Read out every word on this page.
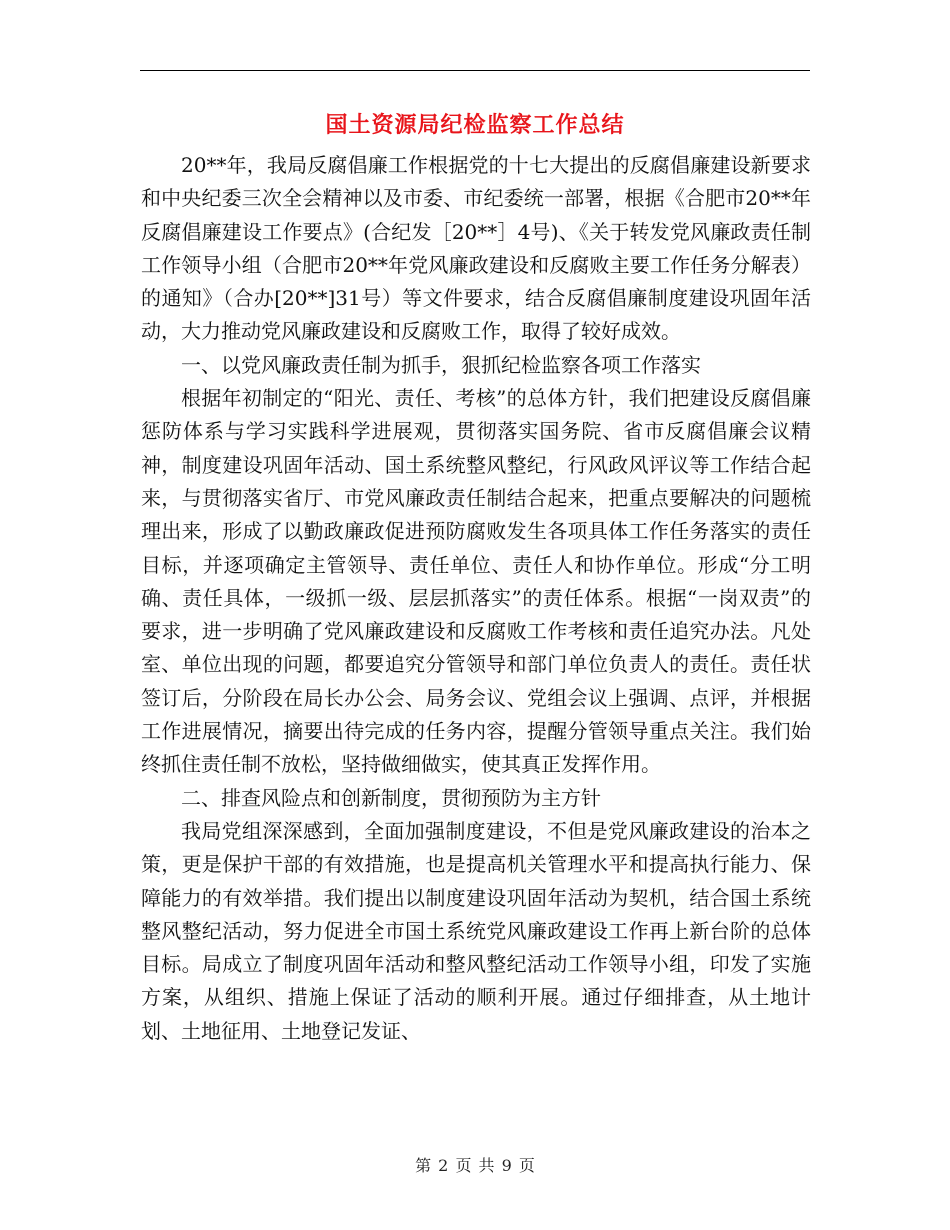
国土资源局纪检监察工作总结

20**年，我局反腐倡廉工作根据党的十七大提出的反腐倡廉建设新要求和中央纪委三次全会精神以及市委、市纪委统一部署，根据《合肥市20**年反腐倡廉建设工作要点》(合纪发［20**］4号)、《关于转发党风廉政责任制工作领导小组（合肥市20**年党风廉政建设和反腐败主要工作任务分解表）的通知》（合办[20**]31号）等文件要求，结合反腐倡廉制度建设巩固年活动，大力推动党风廉政建设和反腐败工作，取得了较好成效。

一、以党风廉政责任制为抓手，狠抓纪检监察各项工作落实

根据年初制定的“阳光、责任、考核”的总体方针，我们把建设反腐倡廉惩防体系与学习实践科学进展观，贯彻落实国务院、省市反腐倡廉会议精神，制度建设巩固年活动、国土系统整风整纪，行风政风评议等工作结合起来，与贯彻落实省厅、市党风廉政责任制结合起来，把重点要解决的问题梳理出来，形成了以勤政廉政促进预防腐败发生各项具体工作任务落实的责任目标，并逐项确定主管领导、责任单位、责任人和协作单位。形成“分工明确、责任具体，一级抓一级、层层抓落实”的责任体系。根据“一岗双责”的要求，进一步明确了党风廉政建设和反腐败工作考核和责任追究办法。凡处室、单位出现的问题，都要追究分管领导和部门单位负责人的责任。责任状签订后，分阶段在局长办公会、局务会议、党组会议上强调、点评，并根据工作进展情况，摘要出待完成的任务内容，提醒分管领导重点关注。我们始终抓住责任制不放松，坚持做细做实，使其真正发挥作用。

二、排查风险点和创新制度，贯彻预防为主方针

我局党组深深感到，全面加强制度建设，不但是党风廉政建设的治本之策，更是保护干部的有效措施，也是提高机关管理水平和提高执行能力、保障能力的有效举措。我们提出以制度建设巩固年活动为契机，结合国土系统整风整纪活动，努力促进全市国土系统党风廉政建设工作再上新台阶的总体目标。局成立了制度巩固年活动和整风整纪活动工作领导小组，印发了实施方案，从组织、措施上保证了活动的顺利开展。通过仔细排查，从土地计划、土地征用、土地登记发证、

第 2 页 共 9 页
